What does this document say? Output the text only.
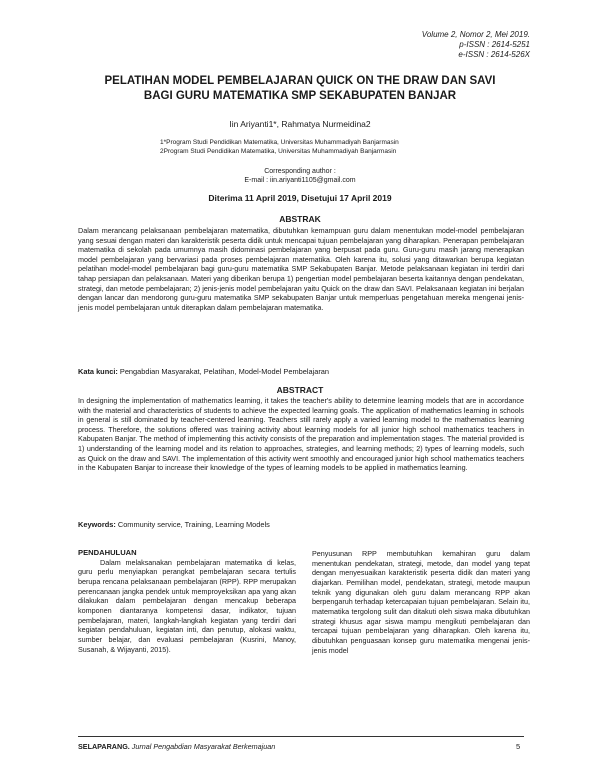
Volume 2, Nomor 2, Mei 2019.
p-ISSN : 2614-5251
e-ISSN : 2614-526X
PELATIHAN MODEL PEMBELAJARAN QUICK ON THE DRAW DAN SAVI
BAGI GURU MATEMATIKA SMP SEKABUPATEN BANJAR
Iin Ariyanti1*, Rahmatya Nurmeidina2
1*Program Studi Pendidikan Matematika, Universitas Muhammadiyah Banjarmasin
2Program Studi Pendidikan Matematika, Universitas Muhammadiyah Banjarmasin
Corresponding author :
E-mail : iin.ariyanti1105@gmail.com
Diterima 11 April 2019, Disetujui 17 April 2019
ABSTRAK
Dalam merancang pelaksanaan pembelajaran matematika, dibutuhkan kemampuan guru dalam menentukan model-model pembelajaran yang sesuai dengan materi dan karakteristik peserta didik untuk mencapai tujuan pembelajaran yang diharapkan. Penerapan pembelajaran matematika di sekolah pada umumnya masih didominasi pembelajaran yang berpusat pada guru. Guru-guru masih jarang menerapkan model pembelajaran yang bervariasi pada proses pembelajaran matematika. Oleh karena itu, solusi yang ditawarkan berupa kegiatan pelatihan model-model pembelajaran bagi guru-guru matematika SMP Sekabupaten Banjar. Metode pelaksanaan kegiatan ini terdiri dari tahap persiapan dan pelaksanaan. Materi yang diberikan berupa 1) pengertian model pembelajaran beserta kaitannya dengan pendekatan, strategi, dan metode pembelajaran; 2) jenis-jenis model pembelajaran yaitu Quick on the draw dan SAVI. Pelaksanaan kegiatan ini berjalan dengan lancar dan mendorong guru-guru matematika SMP sekabupaten Banjar untuk memperluas pengetahuan mereka mengenai jenis-jenis model pembelajaran untuk diterapkan dalam pembelajaran matematika.
Kata kunci: Pengabdian Masyarakat, Pelatihan, Model-Model Pembelajaran
ABSTRACT
In designing the implementation of mathematics learning, it takes the teacher's ability to determine learning models that are in accordance with the material and characteristics of students to achieve the expected learning goals. The application of mathematics learning in schools in general is still dominated by teacher-centered learning. Teachers still rarely apply a varied learning model to the mathematics learning process. Therefore, the solutions offered was training activity about learning models for all junior high school mathematics teachers in Kabupaten Banjar. The method of implementing this activity consists of the preparation and implementation stages. The material provided is 1) understanding of the learning model and its relation to approaches, strategies, and learning methods; 2) types of learning models, such as Quick on the draw and SAVI. The implementation of this activity went smoothly and encouraged junior high school mathematics teachers in the Kabupaten Banjar to increase their knowledge of the types of learning models to be applied in mathematics learning.
Keywords: Community service, Training, Learning Models
PENDAHULUAN
Dalam melaksanakan pembelajaran matematika di kelas, guru perlu menyiapkan perangkat pembelajaran secara tertulis berupa rencana pelaksanaan pembelajaran (RPP). RPP merupakan perencanaan jangka pendek untuk memproyeksikan apa yang akan dilakukan dalam pembelajaran dengan mencakup beberapa komponen diantaranya kompetensi dasar, indikator, tujuan pembelajaran, materi, langkah-langkah kegiatan yang terdiri dari kegiatan pendahuluan, kegiatan inti, dan penutup, alokasi waktu, sumber belajar, dan evaluasi pembelajaran (Kusrini, Manoy, Susanah, & Wijayanti, 2015).
Penyusunan RPP membutuhkan kemahiran guru dalam menentukan pendekatan, strategi, metode, dan model yang tepat dengan menyesuaikan karakteristik peserta didik dan materi yang diajarkan. Pemilihan model, pendekatan, strategi, metode maupun teknik yang digunakan oleh guru dalam merancang RPP akan berpengaruh terhadap ketercapaian tujuan pembelajaran. Selain itu, matematika tergolong sulit dan ditakuti oleh siswa maka dibutuhkan strategi khusus agar siswa mampu mengikuti pembelajaran dan tercapai tujuan pembelajaran yang diharapkan. Oleh karena itu, dibutuhkan penguasaan konsep guru matematika mengenai jenis-jenis model
SELAPARANG. Jurnal Pengabdian Masyarakat Berkemajuan	5
